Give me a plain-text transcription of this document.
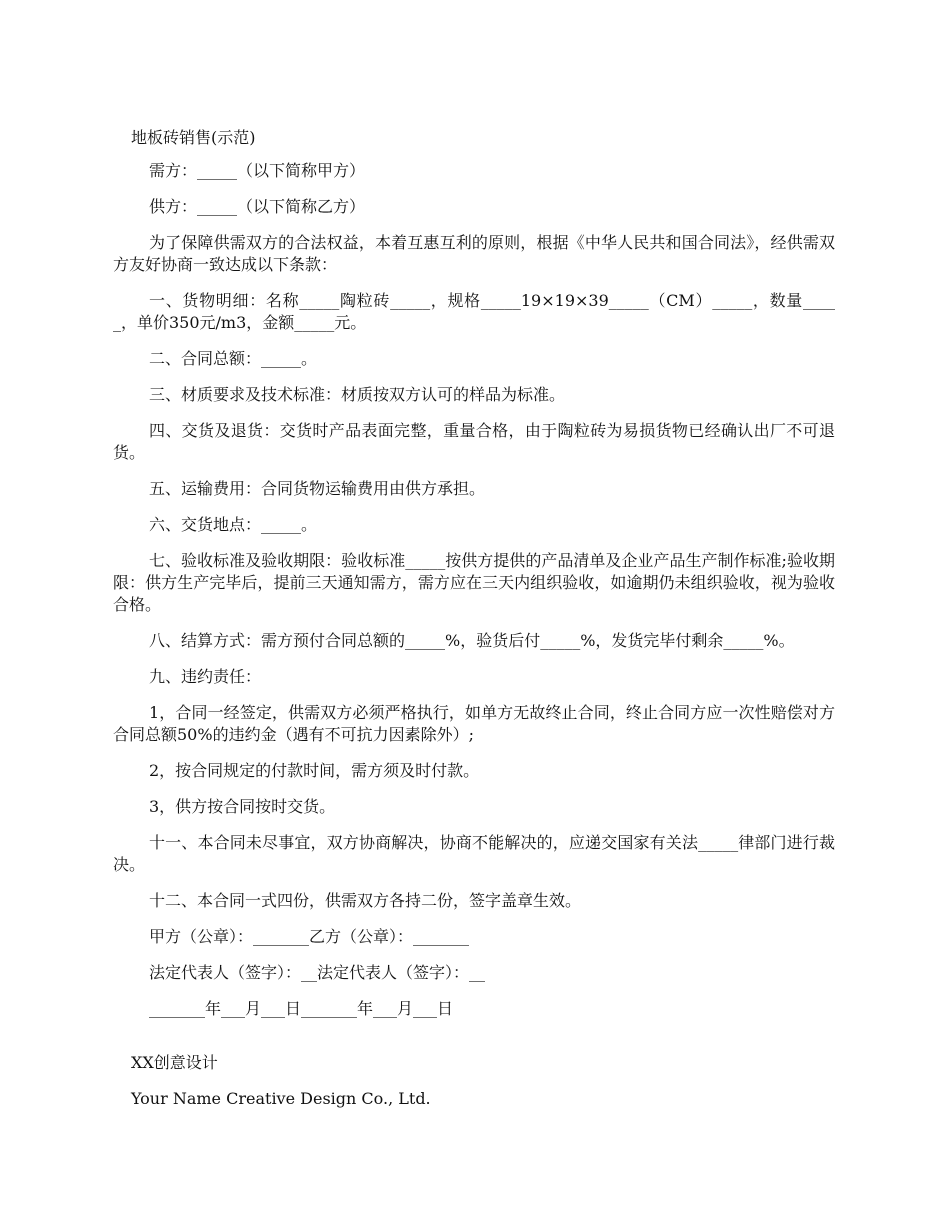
地板砖销售(示范)

需方：_____（以下简称甲方）

供方：_____（以下简称乙方）

为了保障供需双方的合法权益，本着互惠互利的原则，根据《中华人民共和国合同法》，经供需双方友好协商一致达成以下条款：

一、货物明细：名称_____陶粒砖_____，规格_____19×19×39_____（CM）_____，数量_____，单价350元/m3，金额_____元。

二、合同总额：_____。

三、材质要求及技术标准：材质按双方认可的样品为标准。

四、交货及退货：交货时产品表面完整，重量合格，由于陶粒砖为易损货物已经确认出厂不可退货。

五、运输费用：合同货物运输费用由供方承担。

六、交货地点：_____。

七、验收标准及验收期限：验收标准_____按供方提供的产品清单及企业产品生产制作标准;验收期限：供方生产完毕后，提前三天通知需方，需方应在三天内组织验收，如逾期仍未组织验收，视为验收合格。

八、结算方式：需方预付合同总额的_____%，验货后付_____%，发货完毕付剩余_____%。

九、违约责任：

1，合同一经签定，供需双方必须严格执行，如单方无故终止合同，终止合同方应一次性赔偿对方合同总额50%的违约金（遇有不可抗力因素除外）;

2，按合同规定的付款时间，需方须及时付款。

3，供方按合同按时交货。

十一、本合同未尽事宜，双方协商解决，协商不能解决的，应递交国家有关法_____律部门进行裁决。

十二、本合同一式四份，供需双方各持二份，签字盖章生效。

甲方（公章）：_______乙方（公章）：_______

法定代表人（签字）：__法定代表人（签字）：__

_______年___月___日_______年___月___日

XX创意设计
Your Name Creative Design Co., Ltd.
